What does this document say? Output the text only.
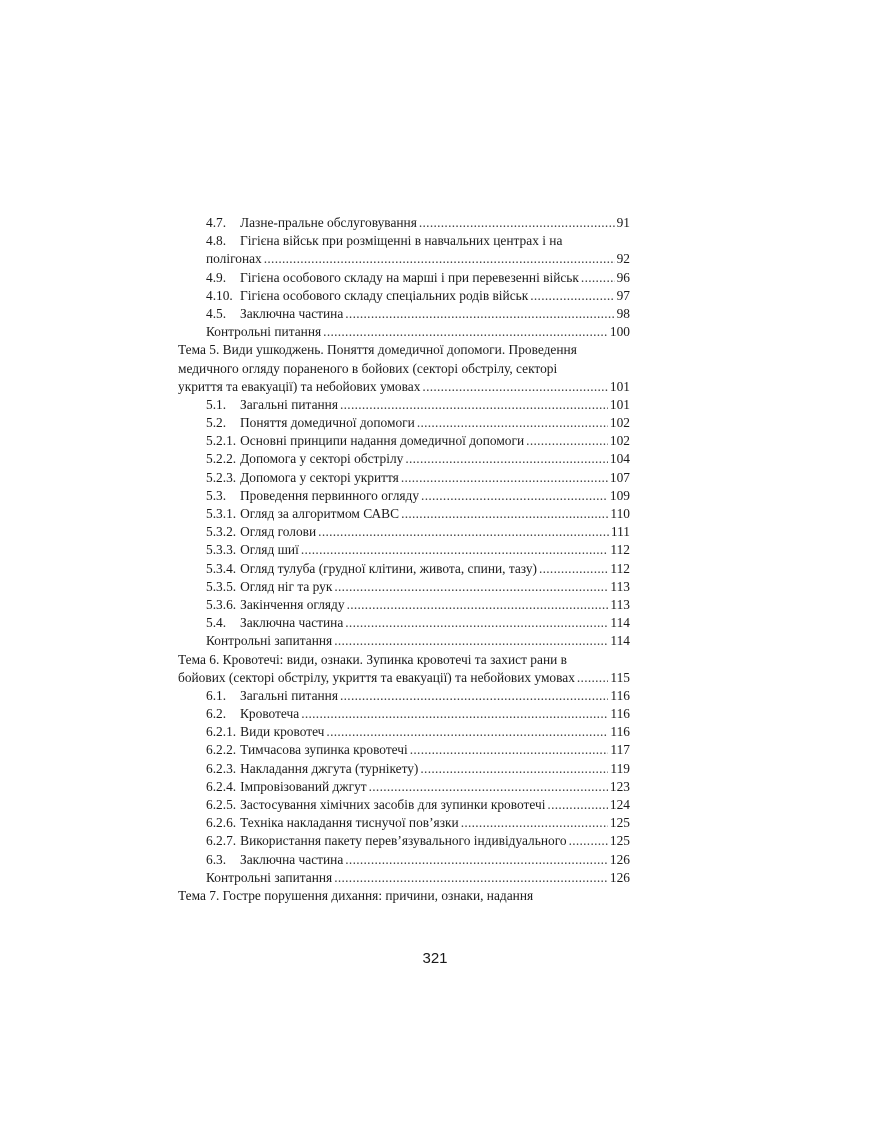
4.7.	Лазне-пральне обслуговування .....	91
4.8.	Гігієна військ при розміщенні в навчальних центрах і на
полігонах .....	92
4.9.	Гігієна особового складу на марші і при перевезенні військ .....	96
4.10. Гігієна особового складу спеціальних родів військ .....	97
4.5.	Заключна частина .....	98
Контрольні питання .....	100
Тема 5. Види ушкоджень. Поняття домедичної допомоги. Проведення
медичного огляду пораненого в бойових (секторі обстрілу, секторі
укриття та евакуації) та небойових умовах .....	101
5.1.	Загальні питання .....	101
5.2.	Поняття домедичної допомоги .....	102
5.2.1. Основні принципи надання домедичної допомоги .....	102
5.2.2. Допомога у секторі обстрілу .....	104
5.2.3. Допомога у секторі укриття .....	107
5.3.	Проведення первинного огляду .....	109
5.3.1. Огляд за алгоритмом САВС .....	110
5.3.2. Огляд голови .....	111
5.3.3. Огляд шиї .....	112
5.3.4. Огляд тулуба (грудної клітини, живота, спини, тазу) .....	112
5.3.5. Огляд ніг та рук .....	113
5.3.6. Закінчення огляду .....	113
5.4.	Заключна частина .....	114
Контрольні запитання .....	114
Тема 6. Кровотечі: види, ознаки. Зупинка кровотечі та захист рани в
бойових (секторі обстрілу, укриття та евакуації) та небойових умовах .....	115
6.1.	Загальні питання .....	116
6.2.	Кровотеча .....	116
6.2.1. Види кровотеч .....	116
6.2.2. Тимчасова зупинка кровотечі .....	117
6.2.3. Накладання джгута (турнікету) .....	119
6.2.4. Імпровізований джгут .....	123
6.2.5. Застосування хімічних засобів для зупинки кровотечі .....	124
6.2.6. Техніка накладання тиснучої пов’язки .....	125
6.2.7. Використання пакету перев’язувального індивідуального .....	125
6.3.	Заключна частина .....	126
Контрольні запитання .....	126
Тема 7. Гостре порушення дихання: причини, ознаки, надання
321
